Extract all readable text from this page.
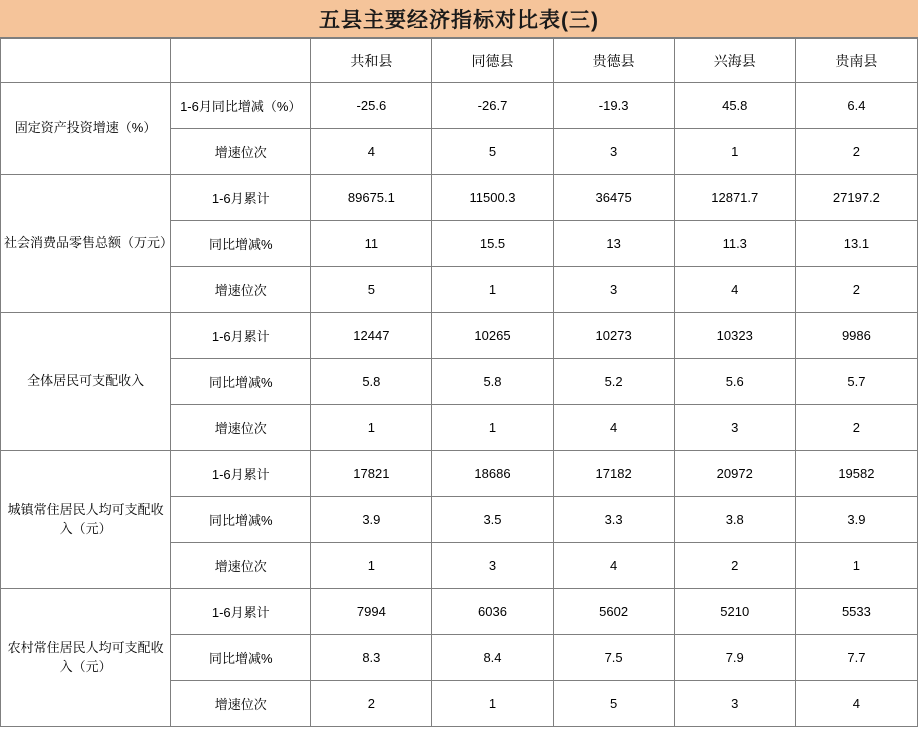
五县主要经济指标对比表(三)
		共和县	同德县	贵德县	兴海县	贵南县
固定资产投资增速（%）	1-6月同比增减（%）	-25.6	-26.7	-19.3	45.8	6.4
	增速位次	4	5	3	1	2
社会消费品零售总额（万元）	1-6月累计	89675.1	11500.3	36475	12871.7	27197.2
	同比增减%	11	15.5	13	11.3	13.1
	增速位次	5	1	3	4	2
全体居民可支配收入	1-6月累计	12447	10265	10273	10323	9986
	同比增减%	5.8	5.8	5.2	5.6	5.7
	增速位次	1	1	4	3	2
城镇常住居民人均可支配收入（元）	1-6月累计	17821	18686	17182	20972	19582
	同比增减%	3.9	3.5	3.3	3.8	3.9
	增速位次	1	3	4	2	1
农村常住居民人均可支配收入（元）	1-6月累计	7994	6036	5602	5210	5533
	同比增减%	8.3	8.4	7.5	7.9	7.7
	增速位次	2	1	5	3	4
